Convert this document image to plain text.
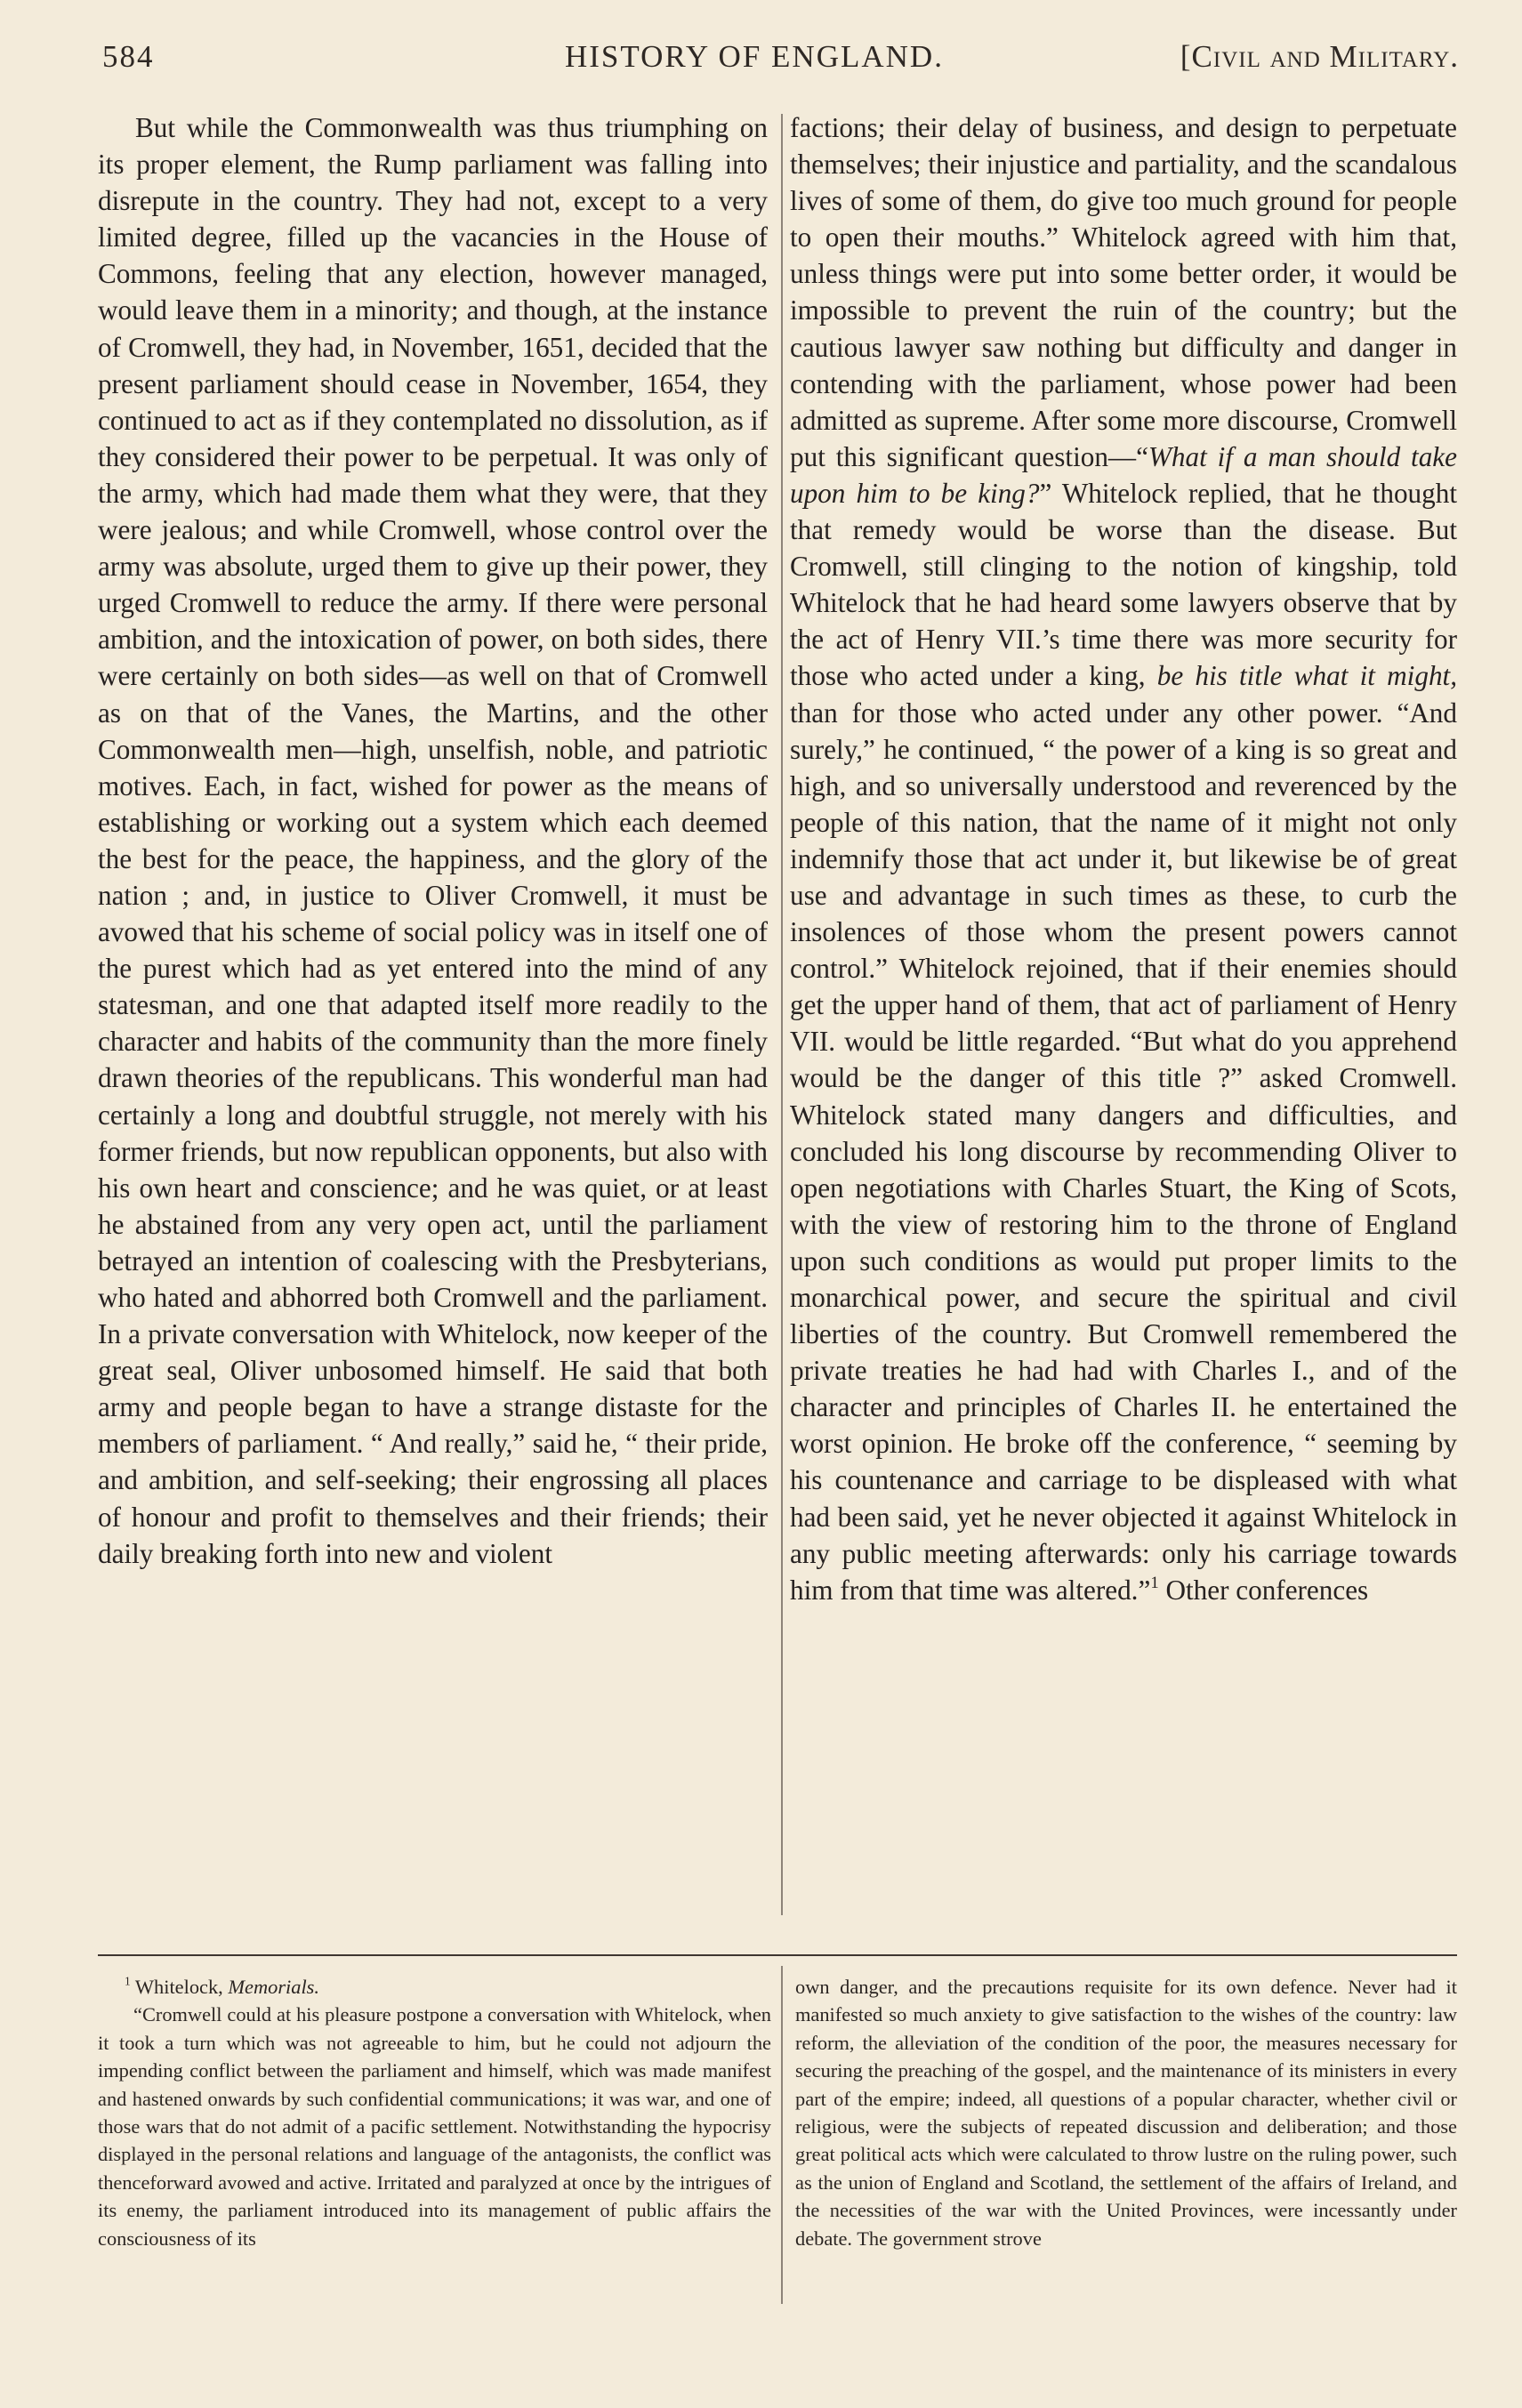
584	HISTORY OF ENGLAND.	[Civil and Military.

But while the Commonwealth was thus triumphing on its proper element, the Rump parliament was falling into disrepute in the country. They had not, except to a very limited degree, filled up the vacancies in the House of Commons, feeling that any election, however managed, would leave them in a minority; and though, at the instance of Cromwell, they had, in November, 1651, decided that the present parliament should cease in November, 1654, they continued to act as if they contemplated no dissolution, as if they considered their power to be perpetual. It was only of the army, which had made them what they were, that they were jealous; and while Cromwell, whose control over the army was absolute, urged them to give up their power, they urged Cromwell to reduce the army. If there were personal ambition, and the intoxication of power, on both sides, there were certainly on both sides—as well on that of Cromwell as on that of the Vanes, the Martins, and the other Commonwealth men—high, unselfish, noble, and patriotic motives. Each, in fact, wished for power as the means of establishing or working out a system which each deemed the best for the peace, the happiness, and the glory of the nation ; and, in justice to Oliver Cromwell, it must be avowed that his scheme of social policy was in itself one of the purest which had as yet entered into the mind of any statesman, and one that adapted itself more readily to the character and habits of the community than the more finely drawn theories of the republicans. This wonderful man had certainly a long and doubtful struggle, not merely with his former friends, but now republican opponents, but also with his own heart and conscience; and he was quiet, or at least he abstained from any very open act, until the parliament betrayed an intention of coalescing with the Presbyterians, who hated and abhorred both Cromwell and the parliament. In a private conversation with Whitelock, now keeper of the great seal, Oliver unbosomed himself. He said that both army and people began to have a strange distaste for the members of parliament. “ And really,” said he, “ their pride, and ambition, and self-seeking; their engrossing all places of honour and profit to themselves and their friends; their daily breaking forth into new and violent

factions; their delay of business, and design to perpetuate themselves; their injustice and partiality, and the scandalous lives of some of them, do give too much ground for people to open their mouths.” Whitelock agreed with him that, unless things were put into some better order, it would be impossible to prevent the ruin of the country; but the cautious lawyer saw nothing but difficulty and danger in contending with the parliament, whose power had been admitted as supreme. After some more discourse, Cromwell put this significant question—“What if a man should take upon him to be king?” Whitelock replied, that he thought that remedy would be worse than the disease. But Cromwell, still clinging to the notion of kingship, told Whitelock that he had heard some lawyers observe that by the act of Henry VII.’s time there was more security for those who acted under a king, be his title what it might, than for those who acted under any other power. “And surely,” he continued, “ the power of a king is so great and high, and so universally understood and reverenced by the people of this nation, that the name of it might not only indemnify those that act under it, but likewise be of great use and advantage in such times as these, to curb the insolences of those whom the present powers cannot control.” Whitelock rejoined, that if their enemies should get the upper hand of them, that act of parliament of Henry VII. would be little regarded. “But what do you apprehend would be the danger of this title ?” asked Cromwell. Whitelock stated many dangers and difficulties, and concluded his long discourse by recommending Oliver to open negotiations with Charles Stuart, the King of Scots, with the view of restoring him to the throne of England upon such conditions as would put proper limits to the monarchical power, and secure the spiritual and civil liberties of the country. But Cromwell remembered the private treaties he had had with Charles I., and of the character and principles of Charles II. he entertained the worst opinion. He broke off the conference, “ seeming by his countenance and carriage to be displeased with what had been said, yet he never objected it against Whitelock in any public meeting afterwards: only his carriage towards him from that time was altered.”$^1$ Other conferences

$^1$ Whitelock, Memorials.

“Cromwell could at his pleasure postpone a conversation with Whitelock, when it took a turn which was not agreeable to him, but he could not adjourn the impending conflict between the parliament and himself, which was made manifest and hastened onwards by such confidential communications; it was war, and one of those wars that do not admit of a pacific settlement. Notwithstanding the hypocrisy displayed in the personal relations and language of the antagonists, the conflict was thenceforward avowed and active. Irritated and paralyzed at once by the intrigues of its enemy, the parliament introduced into its management of public affairs the consciousness of its

own danger, and the precautions requisite for its own defence. Never had it manifested so much anxiety to give satisfaction to the wishes of the country: law reform, the alleviation of the condition of the poor, the measures necessary for securing the preaching of the gospel, and the maintenance of its ministers in every part of the empire; indeed, all questions of a popular character, whether civil or religious, were the subjects of repeated discussion and deliberation; and those great political acts which were calculated to throw lustre on the ruling power, such as the union of England and Scotland, the settlement of the affairs of Ireland, and the necessities of the war with the United Provinces, were incessantly under debate. The government strove
